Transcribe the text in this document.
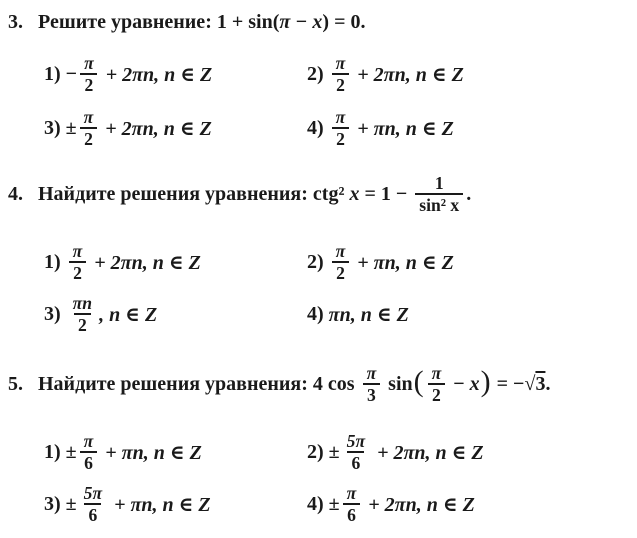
3. Решите уравнение: 1 + sin( π − x ) = 0.
$1) - \frac{\pi}{2} + 2\pi n$, n ∈ Z	$2) \frac{\pi}{2} + 2\pi n$, n ∈ Z
$3) \pm \frac{\pi}{2} + 2\pi n$, n ∈ Z	$4) \frac{\pi}{2} + \pi n$, n ∈ Z
4. Найдите решения уравнения: ctg² $x = 1 - \frac{1}{\text{sin² x}}$ .
$1) \frac{\pi}{2} + 2\pi n$, n ∈ Z	$2) \frac{\pi}{2} + \pi n$, n ∈ Z
$3) \frac{\pi n}{2}$ , n ∈ Z	4) πn, n ∈ Z
5. Найдите решения уравнения: 4 $\cos \frac{\pi}{3}$ sin ( $\frac{\pi}{2} - x$ ) = −√ 3 .
$1) \pm \frac{\pi}{6} + \pi n$, n ∈ Z	$2) \pm \frac{5\pi}{6} + 2\pi n$, n ∈ Z
$3) \pm \frac{5\pi}{6} + \pi n$, n ∈ Z	$4) \pm \frac{\pi}{6} + 2\pi n$, n ∈ Z
